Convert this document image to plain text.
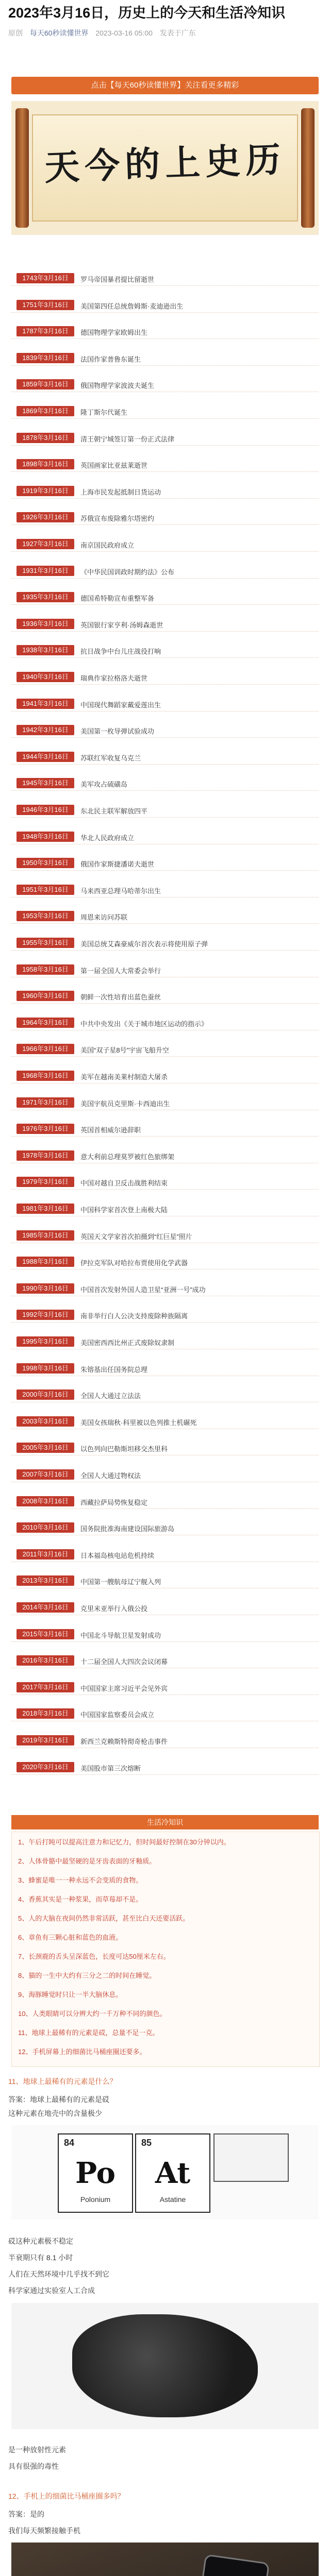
2023年3月16日，历史上的今天和生活冷知识
原创 每天60秒读懂世界 2023-03-16 05:00 发表于广东
点击【每天60秒读懂世界】关注看更多精彩
天今的上史历
1743年3月16日	罗马帝国暴君提比留逝世
1751年3月16日	美国第四任总统詹姆斯·麦迪逊出生
1787年3月16日	德国物理学家欧姆出生
1839年3月16日	法国作家普鲁东诞生
1859年3月16日	俄国物理学家波波夫诞生
1869年3月16日	隆丁斯尔代诞生
1878年3月16日	清王朝宁城签订第一份正式法律
1898年3月16日	英国画家比亚兹莱逝世
1919年3月16日	上海市民发起抵制日货运动
1926年3月16日	苏俄宣布废除雅尔塔密约
1927年3月16日	南京国民政府成立
1931年3月16日	《中华民国训政时期约法》公布
1935年3月16日	德国希特勒宣布重整军备
1936年3月16日	英国银行家亨利·汤姆森逝世
1938年3月16日	抗日战争中台儿庄战役打响
1940年3月16日	瑞典作家拉格洛夫逝世
1941年3月16日	中国现代舞蹈家戴爱莲出生
1942年3月16日	美国第一枚导弹试验成功
1944年3月16日	苏联红军收复乌克兰
1945年3月16日	美军攻占硫磺岛
1946年3月16日	东北民主联军解放四平
1948年3月16日	华北人民政府成立
1950年3月16日	俄国作家斯捷潘诺夫逝世
1951年3月16日	马来西亚总理马哈蒂尔出生
1953年3月16日	周恩来访问苏联
1955年3月16日	美国总统艾森豪威尔首次表示将使用原子弹
1958年3月16日	第一届全国人大常委会举行
1960年3月16日	朝鲜一次性培育出蓝色蚕丝
1964年3月16日	中共中央发出《关于城市地区运动的指示》
1966年3月16日	美国“双子星8号”宇宙飞船升空
1968年3月16日	美军在越南美莱村制造大屠杀
1971年3月16日	美国宇航员克里斯·卡西迪出生
1976年3月16日	英国首相威尔逊辞职
1978年3月16日	意大利前总理莫罗被红色旅绑架
1979年3月16日	中国对越自卫反击战胜利结束
1981年3月16日	中国科学家首次登上南极大陆
1985年3月16日	英国天文学家首次拍摄到“红巨星”照片
1988年3月16日	伊拉克军队对哈拉布贾使用化学武器
1990年3月16日	中国首次发射外国人造卫星“亚洲一号”成功
1992年3月16日	南非举行白人公决支持废除种族隔离
1995年3月16日	美国密西西比州正式废除奴隶制
1998年3月16日	朱镕基出任国务院总理
2000年3月16日	全国人大通过立法法
2003年3月16日	美国女孩瑞秋·科里被以色列推土机碾死
2005年3月16日	以色列向巴勒斯坦移交杰里科
2007年3月16日	全国人大通过物权法
2008年3月16日	西藏拉萨局势恢复稳定
2010年3月16日	国务院批准海南建设国际旅游岛
2011年3月16日	日本福岛核电站危机持续
2013年3月16日	中国第一艘航母辽宁舰入列
2014年3月16日	克里米亚举行入俄公投
2015年3月16日	中国北斗导航卫星发射成功
2016年3月16日	十二届全国人大四次会议闭幕
2017年3月16日	中国国家主席习近平会见外宾
2018年3月16日	中国国家监察委员会成立
2019年3月16日	新西兰克赖斯特彻奇枪击事件
2020年3月16日	美国股市第三次熔断
生活冷知识
1、午后打盹可以提高注意力和记忆力，但时间最好控制在30分钟以内。
2、人体骨骼中最坚硬的是牙齿表面的牙釉质。
3、蜂蜜是唯一一种永远不会变质的食物。
4、香蕉其实是一种浆果，而草莓却不是。
5、人的大脑在夜间仍然非常活跃，甚至比白天还要活跃。
6、章鱼有三颗心脏和蓝色的血液。
7、长颈鹿的舌头呈深蓝色，长度可达50厘米左右。
8、猫的一生中大约有三分之二的时间在睡觉。
9、海豚睡觉时只让一半大脑休息。
10、人类眼睛可以分辨大约一千万种不同的颜色。
11、地球上最稀有的元素是砹，总量不足一克。
12、手机屏幕上的细菌比马桶座圈还要多。
11、地球上最稀有的元素是什么？
答案：地球上最稀有的元素是砹
这种元素在地壳中的含量极少
84
Po
Polonium
85
At
Astatine
砹这种元素极不稳定
半衰期只有 8.1 小时
人们在天然环境中几乎找不到它
科学家通过实验室人工合成
是一种放射性元素
具有很强的毒性
12、手机上的细菌比马桶座圈多吗？
答案：是的
我们每天频繁接触手机
